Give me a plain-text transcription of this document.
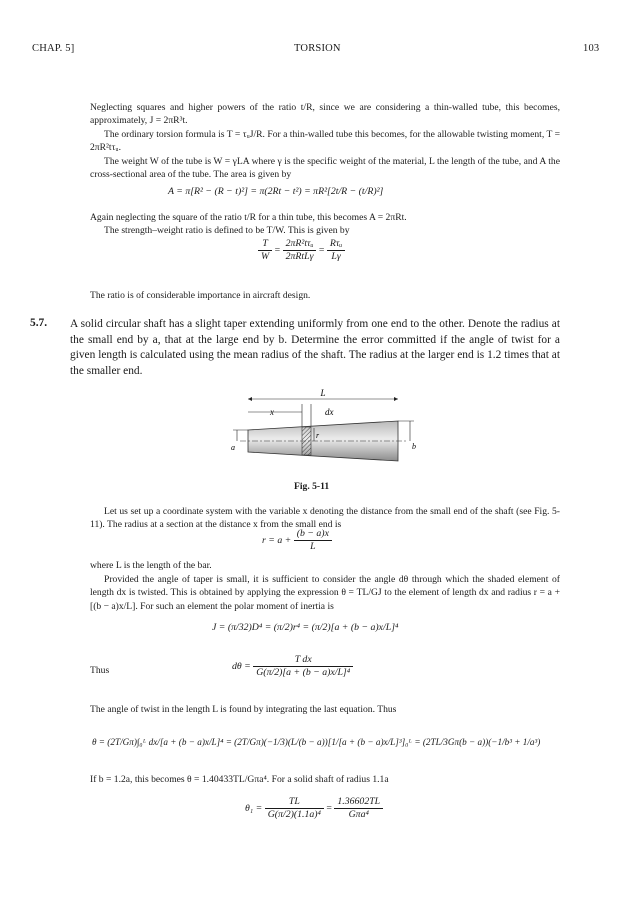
CHAP. 5]	TORSION	103
Neglecting squares and higher powers of the ratio t/R, since we are considering a thin-walled tube, this becomes, approximately, J = 2πR³t.
The ordinary torsion formula is T = τᵤJ/R. For a thin-walled tube this becomes, for the allowable twisting moment, T = 2πR²tτᵤ.
The weight W of the tube is W = γLA where γ is the specific weight of the material, L the length of the tube, and A the cross-sectional area of the tube. The area is given by
A = π[R² − (R − t)²] = π(2Rt − t²) = πR²[2t/R − (t/R)²]
Again neglecting the square of the ratio t/R for a thin tube, this becomes A = 2πRt.
The strength–weight ratio is defined to be T/W. This is given by
$\frac{T}{W} = \frac{\text{2πR²tτᵤ}}{\text{2πRtLγ}} = \frac{\text{Rτᵤ}}{L\gamma}$
The ratio is of considerable importance in aircraft design.
5.7. A solid circular shaft has a slight taper extending uniformly from one end to the other. Denote the radius at the small end by a, that at the large end by b. Determine the error committed if the angle of twist for a given length is calculated using the mean radius of the shaft. The radius at the larger end is 1.2 times that at the smaller end.
L
x	dx
r
a	b
Fig. 5-11
Let us set up a coordinate system with the variable x denoting the distance from the small end of the shaft (see Fig. 5-11). The radius at a section at the distance x from the small end is
$r = a + \frac{(b - a)x}{L}$
where L is the length of the bar.
Provided the angle of taper is small, it is sufficient to consider the angle dθ through which the shaded element of length dx is twisted. This is obtained by applying the expression θ = TL/GJ to the element of length dx and radius r = a + [(b − a)x/L]. For such an element the polar moment of inertia is
J = (π/32)D⁴ = (π/2)r⁴ = (π/2)[a + (b − a)x/L]⁴
Thus	$d\theta = \frac{\text{T dx}}{\text{G(π/2)[a + (b − a)x/L]⁴}}$
The angle of twist in the length L is found by integrating the last equation. Thus
θ = (2T/Gπ)∫₀ᴸ dx/[a + (b − a)x/L]⁴ = (2T/Gπ)(−1/3)(L/(b − a))[1/[a + (b − a)x/L]³]₀ᴸ = (2TL/3Gπ(b − a))(−1/b³ + 1/a³)
If b = 1.2a, this becomes θ = 1.40433TL/Gπa⁴. For a solid shaft of radius 1.1a
$\theta_1 = \frac{TL}{\text{G(π/2)(1.1a)⁴}} = \frac{1.36602TL}{\text{Gπa⁴}}$
